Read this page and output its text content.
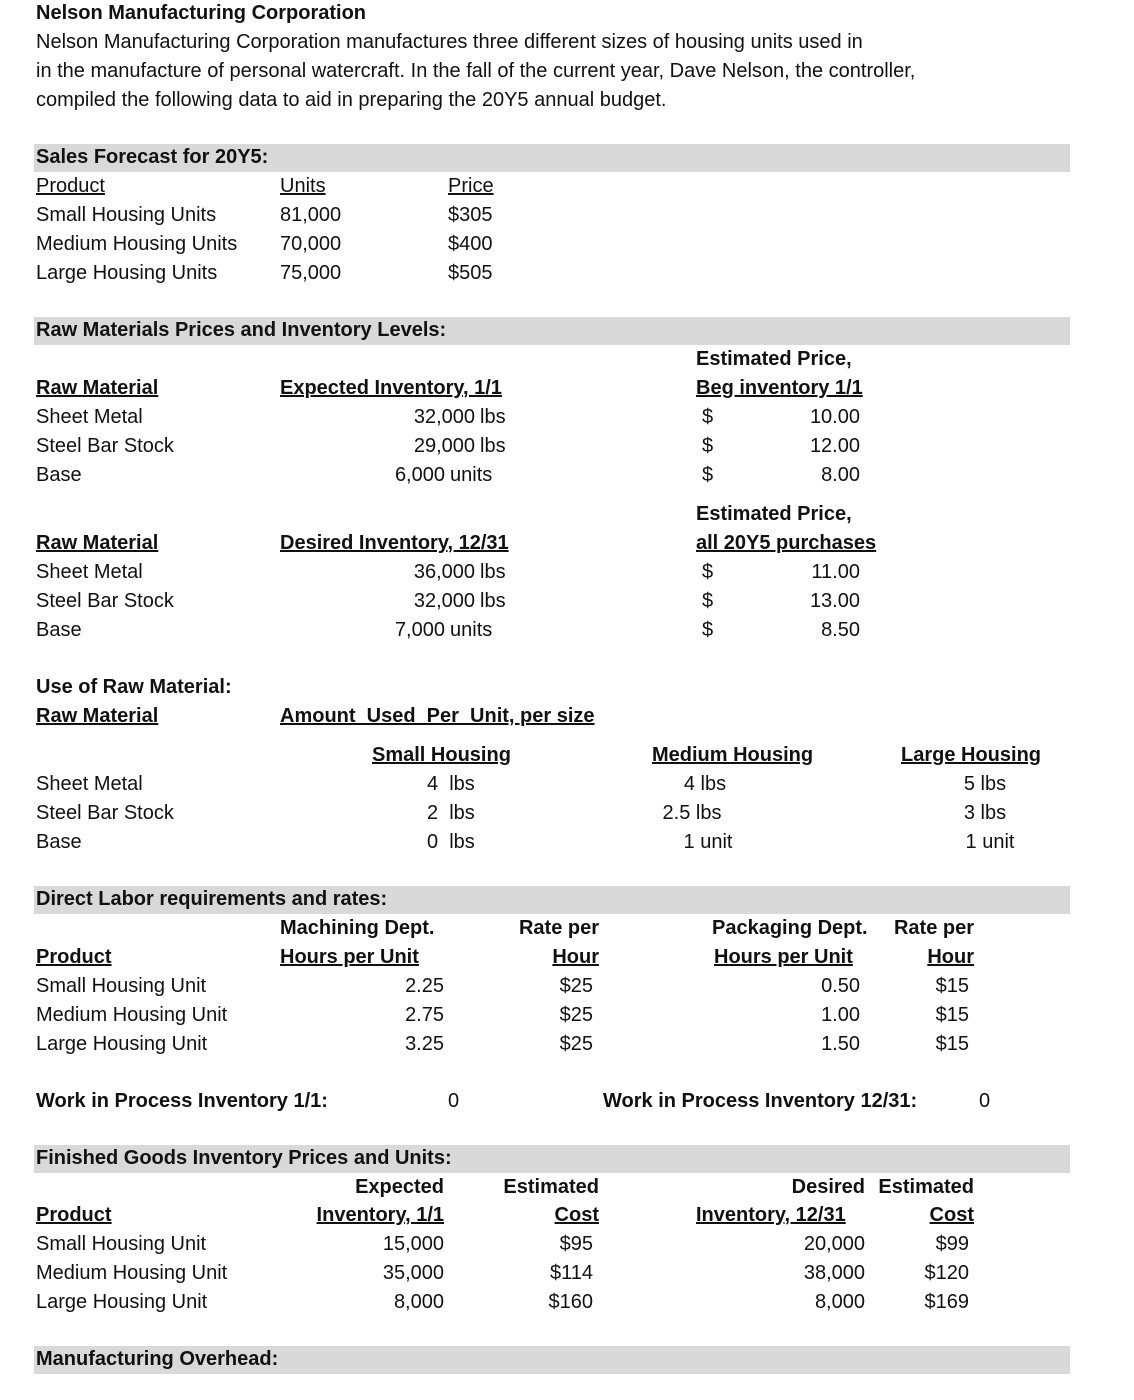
Nelson Manufacturing Corporation
Nelson Manufacturing Corporation manufactures three different sizes of housing units used in
in the manufacture of personal watercraft. In the fall of the current year, Dave Nelson, the controller,
compiled the following data to aid in preparing the 20Y5 annual budget.
Sales Forecast for 20Y5:
Product	Units	Price
Small Housing Units	81,000	$305
Medium Housing Units 70,000	$400
Large Housing Units	75,000	$505
Raw Materials Prices and Inventory Levels:
Estimated Price,
Raw Material	Expected Inventory, 1/1	Beg inventory 1/1
Sheet Metal	32,000 lbs	$	10.00
Steel Bar Stock	29,000 lbs	$	12.00
Base	6,000 units	$	8.00
Estimated Price,
Raw Material	Desired Inventory, 12/31	all 20Y5 purchases
Sheet Metal	36,000 lbs	$	11.00
Steel Bar Stock	32,000 lbs	$	13.00
Base	7,000 units	$	8.50
Use of Raw Material:
Raw Material	Amount  Used  Per  Unit, per size
Small Housing	Medium Housing	Large Housing
Sheet Metal	4  lbs	4 lbs	5 lbs
Steel Bar Stock	2  lbs	2.5 lbs	3 lbs
Base	0  lbs	1 unit	1 unit
Direct Labor requirements and rates:
Machining Dept.	Rate per	Packaging Dept.	Rate per
Product	Hours per Unit	Hour	Hours per Unit	Hour
Small Housing Unit	2.25	$25	0.50	$15
Medium Housing Unit	2.75	$25	1.00	$15
Large Housing Unit	3.25	$25	1.50	$15
Work in Process Inventory 1/1:	0	Work in Process Inventory 12/31:	0
Finished Goods Inventory Prices and Units:
Expected	Estimated	Desired Estimated
Product	Inventory, 1/1	Cost	Inventory, 12/31	Cost
Small Housing Unit	15,000	$95	20,000	$99
Medium Housing Unit	35,000	$114	38,000	$120
Large Housing Unit	8,000	$160	8,000	$169
Manufacturing Overhead:
